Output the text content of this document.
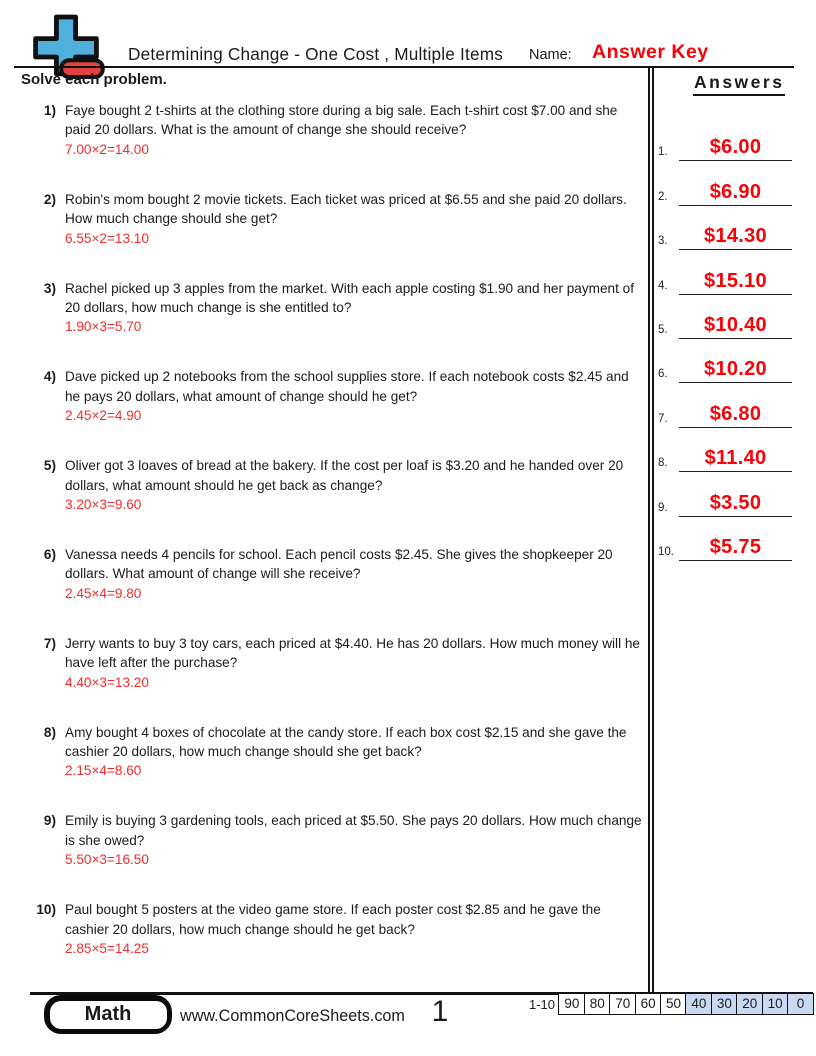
Determining Change - One Cost , Multiple Items Name: Answer Key
Solve each problem.
1) Faye bought 2 t-shirts at the clothing store during a big sale. Each t-shirt cost $7.00 and she paid 20 dollars. What is the amount of change she should receive?
7.00×2=14.00
2) Robin's mom bought 2 movie tickets. Each ticket was priced at $6.55 and she paid 20 dollars. How much change should she get?
6.55×2=13.10
3) Rachel picked up 3 apples from the market. With each apple costing $1.90 and her payment of 20 dollars, how much change is she entitled to?
1.90×3=5.70
4) Dave picked up 2 notebooks from the school supplies store. If each notebook costs $2.45 and he pays 20 dollars, what amount of change should he get?
2.45×2=4.90
5) Oliver got 3 loaves of bread at the bakery. If the cost per loaf is $3.20 and he handed over 20 dollars, what amount should he get back as change?
3.20×3=9.60
6) Vanessa needs 4 pencils for school. Each pencil costs $2.45. She gives the shopkeeper 20 dollars. What amount of change will she receive?
2.45×4=9.80
7) Jerry wants to buy 3 toy cars, each priced at $4.40. He has 20 dollars. How much money will he have left after the purchase?
4.40×3=13.20
8) Amy bought 4 boxes of chocolate at the candy store. If each box cost $2.15 and she gave the cashier 20 dollars, how much change should she get back?
2.15×4=8.60
9) Emily is buying 3 gardening tools, each priced at $5.50. She pays 20 dollars. How much change is she owed?
5.50×3=16.50
10) Paul bought 5 posters at the video game store. If each poster cost $2.85 and he gave the cashier 20 dollars, how much change should he get back?
2.85×5=14.25
Answers
1.	$6.00
2.	$6.90
3.	$14.30
4.	$15.10
5.	$10.40
6.	$10.20
7.	$6.80
8.	$11.40
9.	$3.50
10.	$5.75
Math	www.CommonCoreSheets.com 1	1-10 90 80 70 60 50 40 30 20 10	0
